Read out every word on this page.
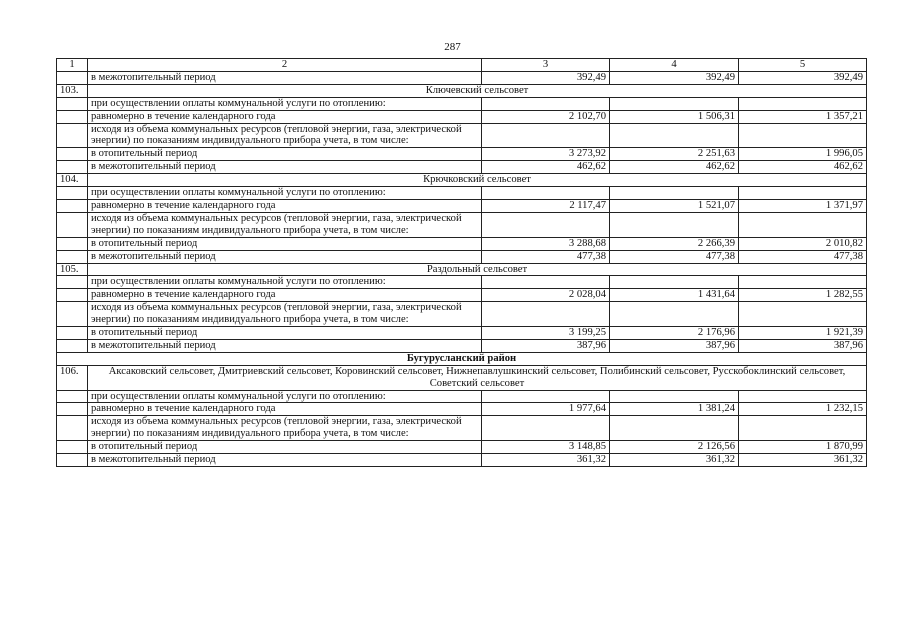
287
1	2	3	4	5
	в межотопительный период	392,49	392,49	392,49
103.	Ключевский сельсовет			
	при осуществлении оплаты коммунальной услуги по отоплению:			
	равномерно в течение календарного года	2 102,70	1 506,31	1 357,21
	исходя из объема коммунальных ресурсов (тепловой энергии, газа, электрической энергии) по показаниям индивидуального прибора учета, в том числе:			
	в отопительный период	3 273,92	2 251,63	1 996,05
	в межотопительный период	462,62	462,62	462,62
104.	Крючковский сельсовет			
	при осуществлении оплаты коммунальной услуги по отоплению:			
	равномерно в течение календарного года	2 117,47	1 521,07	1 371,97
	исходя из объема коммунальных ресурсов (тепловой энергии, газа, электрической энергии) по показаниям индивидуального прибора учета, в том числе:			
	в отопительный период	3 288,68	2 266,39	2 010,82
	в межотопительный период	477,38	477,38	477,38
105.	Раздольный сельсовет			
	при осуществлении оплаты коммунальной услуги по отоплению:			
	равномерно в течение календарного года	2 028,04	1 431,64	1 282,55
	исходя из объема коммунальных ресурсов (тепловой энергии, газа, электрической энергии) по показаниям индивидуального прибора учета, в том числе:			
	в отопительный период	3 199,25	2 176,96	1 921,39
	в межотопительный период	387,96	387,96	387,96
Бугурусланский район				
106.	Аксаковский сельсовет, Дмитриевский сельсовет, Коровинский сельсовет, Нижнепавлушкинский сельсовет, Полибинский сельсовет, Русскобоклинский сельсовет, Советский сельсовет			
	при осуществлении оплаты коммунальной услуги по отоплению:			
	равномерно в течение календарного года	1 977,64	1 381,24	1 232,15
	исходя из объема коммунальных ресурсов (тепловой энергии, газа, электрической энергии) по показаниям индивидуального прибора учета, в том числе:			
	в отопительный период	3 148,85	2 126,56	1 870,99
	в межотопительный период	361,32	361,32	361,32
